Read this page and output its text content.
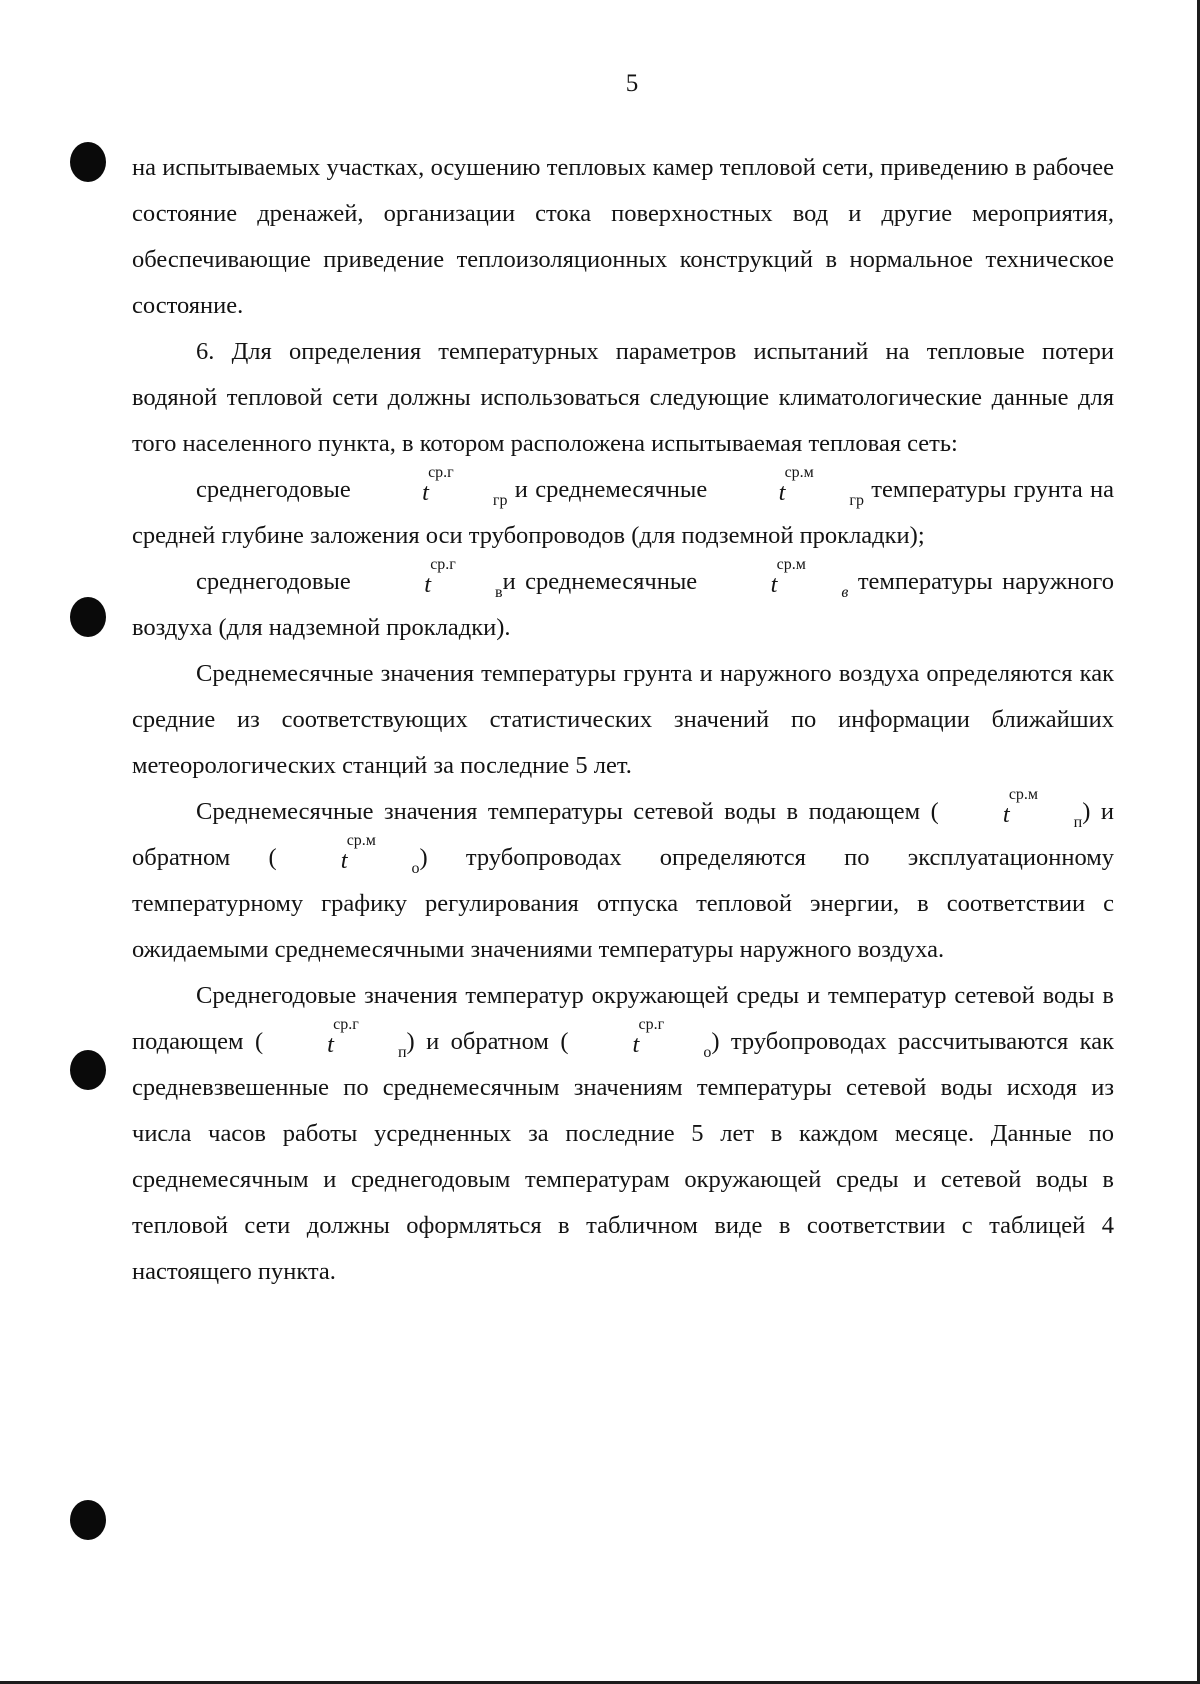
5

на испытываемых участках, осушению тепловых камер тепловой сети, приведению в рабочее состояние дренажей, организации стока поверхностных вод и другие мероприятия, обеспечивающие приведение теплоизоляционных конструкций в нормальное техническое состояние.

6. Для определения температурных параметров испытаний на тепловые потери водяной тепловой сети должны использоваться следующие климатологические данные для того населенного пункта, в котором расположена испытываемая тепловая сеть:

среднегодовые	t	гр
ср.г
и среднемесячные	t	гр
ср.м
температуры грунта на средней глубине заложения оси трубопроводов (для подземной прокладки);

среднегодовые	t	в
ср.г
и среднемесячные	t	в
ср.м
температуры наружного воздуха (для надземной прокладки).

Среднемесячные значения температуры грунта и наружного воздуха определяются как средние из соответствующих статистических значений по информации ближайших метеорологических станций за последние 5 лет.

Среднемесячные значения температуры сетевой воды в подающем (	t	п
ср.м
) и обратном (	t	о
ср.м
) трубопроводах определяются по эксплуатационному температурному графику регулирования отпуска тепловой энергии, в соответствии с ожидаемыми среднемесячными значениями температуры наружного воздуха.

Среднегодовые значения температур окружающей среды и температур сетевой воды в подающем (	t	п
ср.г
) и обратном (	t	о
ср.г
) трубопроводах рассчитываются как средневзвешенные по среднемесячным значениям температуры сетевой воды исходя из числа часов работы усредненных за последние 5 лет в каждом месяце. Данные по среднемесячным и среднегодовым температурам окружающей среды и сетевой воды в тепловой сети должны оформляться в табличном виде в соответствии с таблицей 4 настоящего пункта.
